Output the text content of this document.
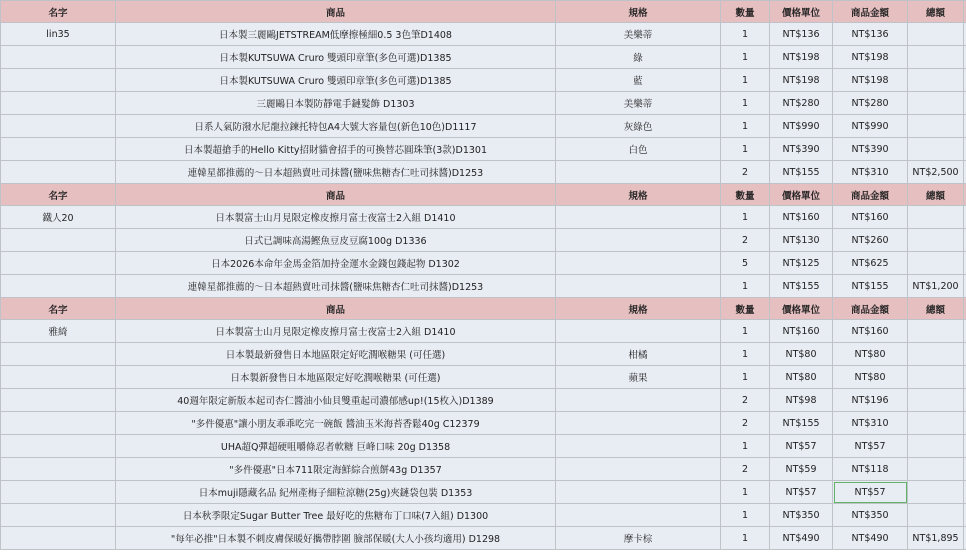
名字	商品	規格	數量	價格單位	商品金額	總額	
lin35	日本製三麗鷗JETSTREAM低摩擦極細0.5 3色筆D1408	美樂蒂	1	NT$136	NT$136		
	日本製KUTSUWA Cruro 雙頭印章筆(多色可選)D1385	綠	1	NT$198	NT$198		
	日本製KUTSUWA Cruro 雙頭印章筆(多色可選)D1385	藍	1	NT$198	NT$198		
	三麗鷗日本製防靜電手鏈髮飾 D1303	美樂蒂	1	NT$280	NT$280		
	日系人氣防潑水尼龍拉鍊托特包A4大號大容量包(新色10色)D1117	灰綠色	1	NT$990	NT$990		
	日本製超搶手的Hello Kitty招財貓會招手的可換替芯圓珠筆(3款)D1301	白色	1	NT$390	NT$390		
	連韓星都推薦的～日本超熱賣吐司抹醬(鹽味焦糖杏仁吐司抹醬)D1253		2	NT$155	NT$310	NT$2,500	
名字	商品	規格	數量	價格單位	商品金額	總額	
鐵人20	日本製富士山月見限定橡皮擦月富士夜富士2入組 D1410		1	NT$160	NT$160		
	日式已調味高湯鰹魚豆皮豆腐100g D1336		2	NT$130	NT$260		
	日本2026本命年金馬金箔加持金運水金錢包錢起物 D1302		5	NT$125	NT$625		
	連韓星都推薦的～日本超熱賣吐司抹醬(鹽味焦糖杏仁吐司抹醬)D1253		1	NT$155	NT$155	NT$1,200	
名字	商品	規格	數量	價格單位	商品金額	總額	
雅綺	日本製富士山月見限定橡皮擦月富士夜富士2入組 D1410		1	NT$160	NT$160		
	日本製最新發售日本地區限定好吃潤喉糖果 (可任選)	柑橘	1	NT$80	NT$80		
	日本製新發售日本地區限定好吃潤喉糖果 (可任選)	蘋果	1	NT$80	NT$80		
	40週年限定新版本起司杏仁醬油小仙貝雙重起司濃郁感up!(15枚入)D1389		2	NT$98	NT$196		
	"多件優惠"讓小朋友乖乖吃完一碗飯 醬油玉米海苔香鬆40g C12379		2	NT$155	NT$310		
	UHA超Q彈超硬咀嚼條忍者軟糖 巨峰口味 20g D1358		1	NT$57	NT$57		
	"多件優惠"日本711限定海鮮綜合煎餅43g D1357		2	NT$59	NT$118		
	日本muji隱藏名品 紀州產梅子細粒涼糖(25g)夾鏈袋包裝 D1353		1	NT$57	NT$57		
	日本秋季限定Sugar Butter Tree 最好吃的焦糖布丁口味(7入組) D1300		1	NT$350	NT$350		
	"每年必推"日本製不刺皮膚保暖好攜帶脖圍 臉部保暖(大人小孩均適用) D1298	摩卡棕	1	NT$490	NT$490	NT$1,895	
